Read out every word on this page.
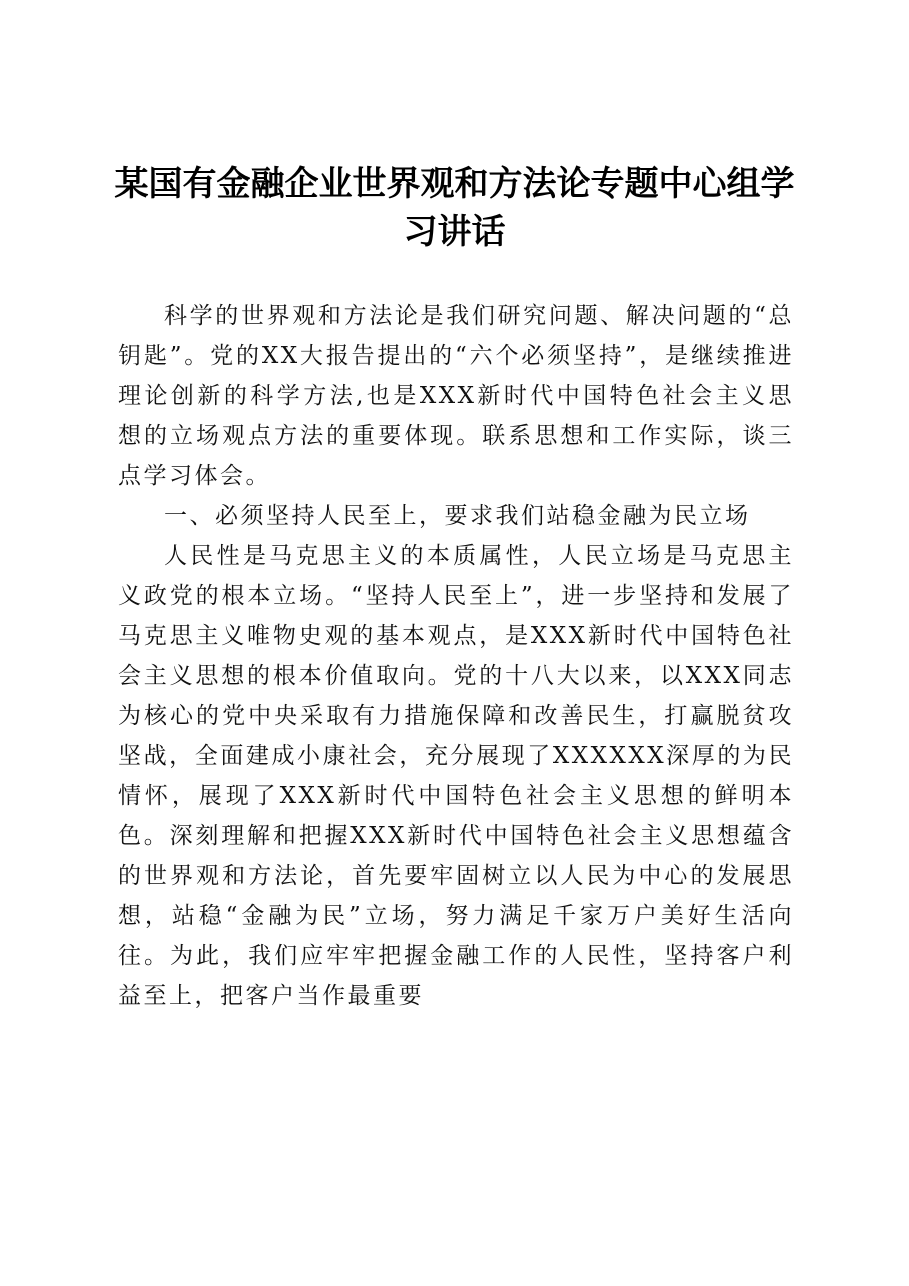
某国有金融企业世界观和方法论专题中心组学习讲话

科学的世界观和方法论是我们研究问题、解决问题的“总钥匙”。党的XX大报告提出的“六个必须坚持”，是继续推进理论创新的科学方法,也是XXX新时代中国特色社会主义思想的立场观点方法的重要体现。联系思想和工作实际，谈三点学习体会。

一、必须坚持人民至上，要求我们站稳金融为民立场

人民性是马克思主义的本质属性，人民立场是马克思主义政党的根本立场。“坚持人民至上”，进一步坚持和发展了马克思主义唯物史观的基本观点，是XXX新时代中国特色社会主义思想的根本价值取向。党的十八大以来，以XXX同志为核心的党中央采取有力措施保障和改善民生，打赢脱贫攻坚战，全面建成小康社会，充分展现了XXXXXX深厚的为民情怀，展现了XXX新时代中国特色社会主义思想的鲜明本色。深刻理解和把握XXX新时代中国特色社会主义思想蕴含的世界观和方法论，首先要牢固树立以人民为中心的发展思想，站稳“金融为民”立场，努力满足千家万户美好生活向往。为此，我们应牢牢把握金融工作的人民性，坚持客户利益至上，把客户当作最重要
